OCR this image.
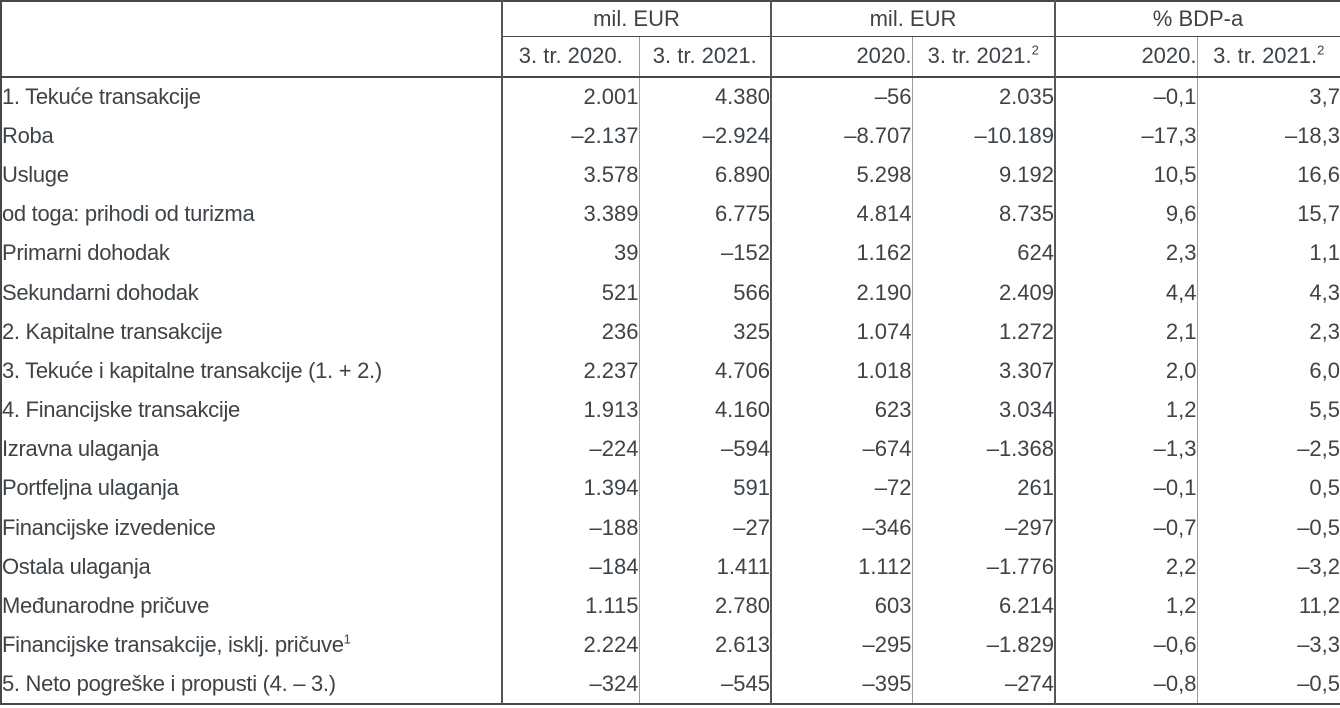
	mil. EUR		mil. EUR		% BDP-a	
	3. tr. 2020.	3. tr. 2021.	2020.	3. tr. 2021.$^2$	2020.	3. tr. 2021.$^2$
1. Tekuće transakcije	2.001	4.380	–56	2.035	–0,1	3,7
Roba	–2.137	–2.924	–8.707	–10.189	–17,3	–18,3
Usluge	3.578	6.890	5.298	9.192	10,5	16,6
od toga: prihodi od turizma	3.389	6.775	4.814	8.735	9,6	15,7
Primarni dohodak	39	–152	1.162	624	2,3	1,1
Sekundarni dohodak	521	566	2.190	2.409	4,4	4,3
2. Kapitalne transakcije	236	325	1.074	1.272	2,1	2,3
3. Tekuće i kapitalne transakcije (1. + 2.)	2.237	4.706	1.018	3.307	2,0	6,0
4. Financijske transakcije	1.913	4.160	623	3.034	1,2	5,5
Izravna ulaganja	–224	–594	–674	–1.368	–1,3	–2,5
Portfeljna ulaganja	1.394	591	–72	261	–0,1	0,5
Financijske izvedenice	–188	–27	–346	–297	–0,7	–0,5
Ostala ulaganja	–184	1.411	1.112	–1.776	2,2	–3,2
Međunarodne pričuve	1.115	2.780	603	6.214	1,2	11,2
Financijske transakcije, isklj. pričuve$^1$	2.224	2.613	–295	–1.829	–0,6	–3,3
5. Neto pogreške i propusti (4. – 3.)	–324	–545	–395	–274	–0,8	–0,5
